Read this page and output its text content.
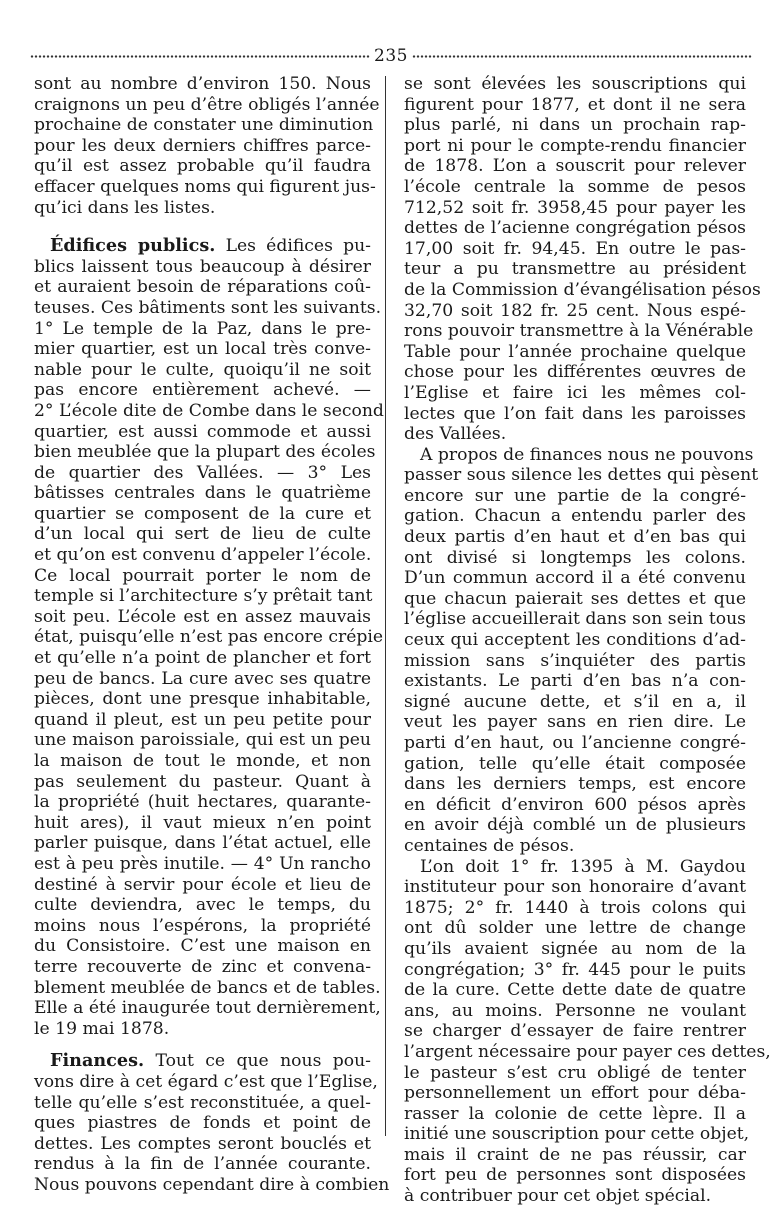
235
sont au nombre d’environ 150. Nous
craignons un peu d’être obligés l’année
prochaine de constater une diminution
pour les deux derniers chiffres parce-
qu’il est assez probable qu’il faudra
effacer quelques noms qui figurent jus-
qu’ici dans les listes.
Édifices publics. Les édifices pu-
blics laissent tous beaucoup à désirer
et auraient besoin de réparations coû-
teuses. Ces bâtiments sont les suivants.
1° Le temple de la Paz, dans le pre-
mier quartier, est un local très conve-
nable pour le culte, quoiqu’il ne soit
pas encore entièrement achevé. —
2° L’école dite de Combe dans le second
quartier, est aussi commode et aussi
bien meublée que la plupart des écoles
de quartier des Vallées. — 3° Les
bâtisses centrales dans le quatrième
quartier se composent de la cure et
d’un local qui sert de lieu de culte
et qu’on est convenu d’appeler l’école.
Ce local pourrait porter le nom de
temple si l’architecture s’y prêtait tant
soit peu. L’école est en assez mauvais
état, puisqu’elle n’est pas encore crépie
et qu’elle n’a point de plancher et fort
peu de bancs. La cure avec ses quatre
pièces, dont une presque inhabitable,
quand il pleut, est un peu petite pour
une maison paroissiale, qui est un peu
la maison de tout le monde, et non
pas seulement du pasteur. Quant à
la propriété (huit hectares, quarante-
huit ares), il vaut mieux n’en point
parler puisque, dans l’état actuel, elle
est à peu près inutile. — 4° Un rancho
destiné à servir pour école et lieu de
culte deviendra, avec le temps, du
moins nous l’espérons, la propriété
du Consistoire. C’est une maison en
terre recouverte de zinc et convena-
blement meublée de bancs et de tables.
Elle a été inaugurée tout dernièrement,
le 19 mai 1878.
Finances. Tout ce que nous pou-
vons dire à cet égard c’est que l’Eglise,
telle qu’elle s’est reconstituée, a quel-
ques piastres de fonds et point de
dettes. Les comptes seront bouclés et
rendus à la fin de l’année courante.
Nous pouvons cependant dire à combien
se sont élevées les souscriptions qui
figurent pour 1877, et dont il ne sera
plus parlé, ni dans un prochain rap-
port ni pour le compte-rendu financier
de 1878. L’on a souscrit pour relever
l’école centrale la somme de pesos
712,52 soit fr. 3958,45 pour payer les
dettes de l’acienne congrégation pésos
17,00 soit fr. 94,45. En outre le pas-
teur a pu transmettre au président
de la Commission d’évangélisation pésos
32,70 soit 182 fr. 25 cent. Nous espé-
rons pouvoir transmettre à la Vénérable
Table pour l’année prochaine quelque
chose pour les différentes œuvres de
l’Eglise et faire ici les mêmes col-
lectes que l’on fait dans les paroisses
des Vallées.
A propos de finances nous ne pouvons
passer sous silence les dettes qui pèsent
encore sur une partie de la congré-
gation. Chacun a entendu parler des
deux partis d’en haut et d’en bas qui
ont divisé si longtemps les colons.
D’un commun accord il a été convenu
que chacun paierait ses dettes et que
l’église accueillerait dans son sein tous
ceux qui acceptent les conditions d’ad-
mission sans s’inquiéter des partis
existants. Le parti d’en bas n’a con-
signé aucune dette, et s’il en a, il
veut les payer sans en rien dire. Le
parti d’en haut, ou l’ancienne congré-
gation, telle qu’elle était composée
dans les derniers temps, est encore
en déficit d’environ 600 pésos après
en avoir déjà comblé un de plusieurs
centaines de pésos.
L’on doit 1° fr. 1395 à M. Gaydou
instituteur pour son honoraire d’avant
1875; 2° fr. 1440 à trois colons qui
ont dû solder une lettre de change
qu’ils avaient signée au nom de la
congrégation; 3° fr. 445 pour le puits
de la cure. Cette dette date de quatre
ans, au moins. Personne ne voulant
se charger d’essayer de faire rentrer
l’argent nécessaire pour payer ces dettes,
le pasteur s’est cru obligé de tenter
personnellement un effort pour déba-
rasser la colonie de cette lèpre. Il a
initié une souscription pour cette objet,
mais il craint de ne pas réussir, car
fort peu de personnes sont disposées
à contribuer pour cet objet spécial.
